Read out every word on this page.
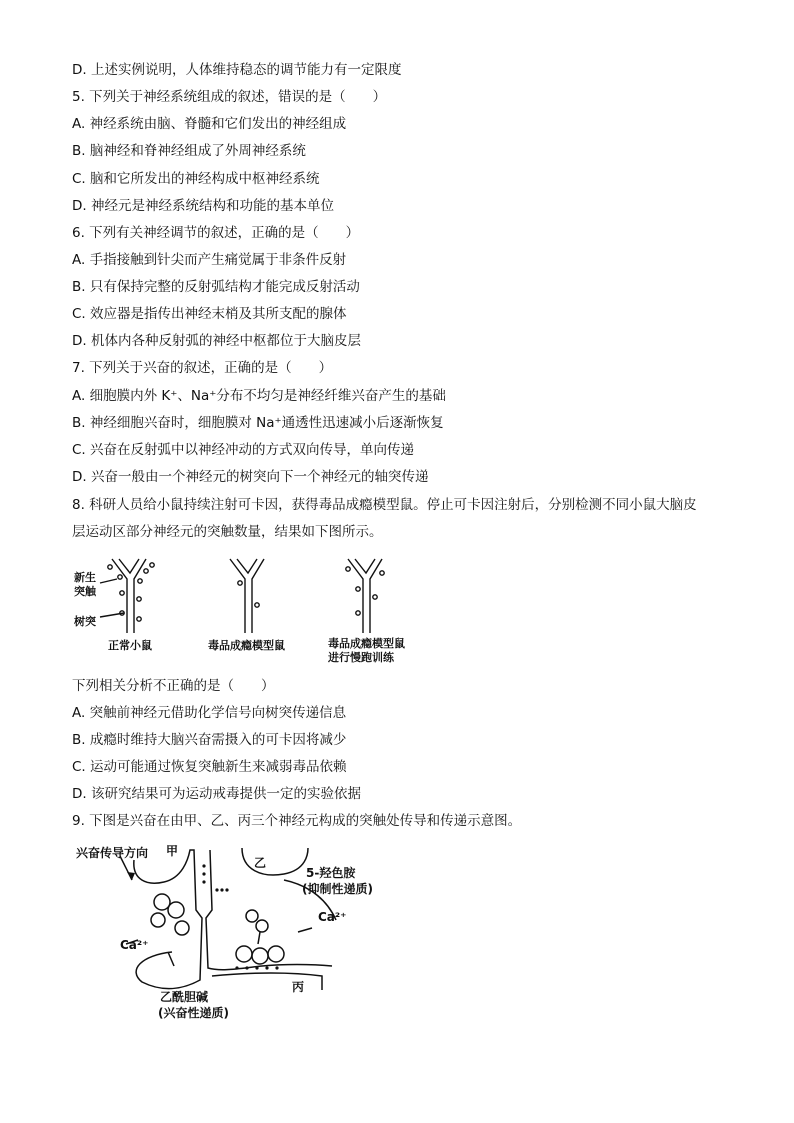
D. 上述实例说明，人体维持稳态的调节能力有一定限度
5. 下列关于神经系统组成的叙述，错误的是（　　）
A. 神经系统由脑、脊髓和它们发出的神经组成
B. 脑神经和脊神经组成了外周神经系统
C. 脑和它所发出的神经构成中枢神经系统
D. 神经元是神经系统结构和功能的基本单位
6. 下列有关神经调节的叙述，正确的是（　　）
A. 手指接触到针尖而产生痛觉属于非条件反射
B. 只有保持完整的反射弧结构才能完成反射活动
C. 效应器是指传出神经末梢及其所支配的腺体
D. 机体内各种反射弧的神经中枢都位于大脑皮层
7. 下列关于兴奋的叙述，正确的是（　　）
A. 细胞膜内外 K⁺、Na⁺分布不均匀是神经纤维兴奋产生的基础
B. 神经细胞兴奋时，细胞膜对 Na⁺通透性迅速减小后逐渐恢复
C. 兴奋在反射弧中以神经冲动的方式双向传导，单向传递
D. 兴奋一般由一个神经元的树突向下一个神经元的轴突传递
8. 科研人员给小鼠持续注射可卡因，获得毒品成瘾模型鼠。停止可卡因注射后，分别检测不同小鼠大脑皮
层运动区部分神经元的突触数量，结果如下图所示。
新生
突触
树突
正常小鼠	毒品成瘾模型鼠	毒品成瘾模型鼠
进行慢跑训练
下列相关分析不正确的是（　　）
A. 突触前神经元借助化学信号向树突传递信息
B. 成瘾时维持大脑兴奋需摄入的可卡因将减少
C. 运动可能通过恢复突触新生来减弱毒品依赖
D. 该研究结果可为运动戒毒提供一定的实验依据
9. 下图是兴奋在由甲、乙、丙三个神经元构成的突触处传导和传递示意图。
兴奋传导方向 甲
乙
5-羟色胺
(抑制性递质)
Ca²⁺
Ca²⁺
丙
乙酰胆碱
(兴奋性递质)
